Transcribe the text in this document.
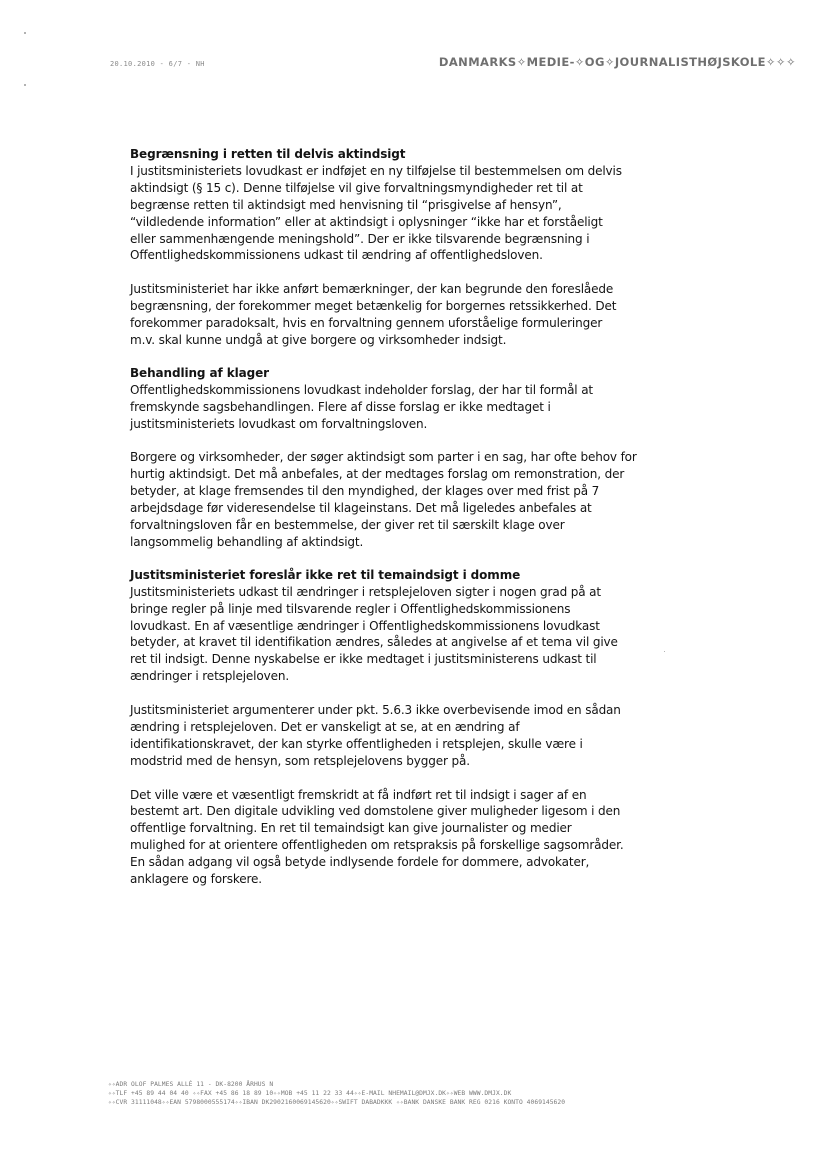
20.10.2010 - 6/7 - NH	DANMARKS✧MEDIE-✧OG✧JOURNALISTHØJSKOLE✧✧✧
Begrænsning i retten til delvis aktindsigt
I justitsministeriets lovudkast er indføjet en ny tilføjelse til bestemmelsen om delvis
aktindsigt (§ 15 c). Denne tilføjelse vil give forvaltningsmyndigheder ret til at
begrænse retten til aktindsigt med henvisning til “prisgivelse af hensyn”,
“vildledende information” eller at aktindsigt i oplysninger “ikke har et forståeligt
eller sammenhængende meningshold”. Der er ikke tilsvarende begrænsning i
Offentlighedskommissionens udkast til ændring af offentlighedsloven.
Justitsministeriet har ikke anført bemærkninger, der kan begrunde den foreslåede
begrænsning, der forekommer meget betænkelig for borgernes retssikkerhed. Det
forekommer paradoksalt, hvis en forvaltning gennem uforståelige formuleringer
m.v. skal kunne undgå at give borgere og virksomheder indsigt.
Behandling af klager
Offentlighedskommissionens lovudkast indeholder forslag, der har til formål at
fremskynde sagsbehandlingen. Flere af disse forslag er ikke medtaget i
justitsministeriets lovudkast om forvaltningsloven.
Borgere og virksomheder, der søger aktindsigt som parter i en sag, har ofte behov for
hurtig aktindsigt. Det må anbefales, at der medtages forslag om remonstration, der
betyder, at klage fremsendes til den myndighed, der klages over med frist på 7
arbejdsdage før videresendelse til klageinstans. Det må ligeledes anbefales at
forvaltningsloven får en bestemmelse, der giver ret til særskilt klage over
langsommelig behandling af aktindsigt.
Justitsministeriet foreslår ikke ret til temaindsigt i domme
Justitsministeriets udkast til ændringer i retsplejeloven sigter i nogen grad på at
bringe regler på linje med tilsvarende regler i Offentlighedskommissionens
lovudkast. En af væsentlige ændringer i Offentlighedskommissionens lovudkast
betyder, at kravet til identifikation ændres, således at angivelse af et tema vil give
ret til indsigt. Denne nyskabelse er ikke medtaget i justitsministerens udkast til
ændringer i retsplejeloven.
Justitsministeriet argumenterer under pkt. 5.6.3 ikke overbevisende imod en sådan
ændring i retsplejeloven. Det er vanskeligt at se, at en ændring af
identifikationskravet, der kan styrke offentligheden i retsplejen, skulle være i
modstrid med de hensyn, som retsplejelovens bygger på.
Det ville være et væsentligt fremskridt at få indført ret til indsigt i sager af en
bestemt art. Den digitale udvikling ved domstolene giver muligheder ligesom i den
offentlige forvaltning. En ret til temaindsigt kan give journalister og medier
mulighed for at orientere offentligheden om retspraksis på forskellige sagsområder.
En sådan adgang vil også betyde indlysende fordele for dommere, advokater,
anklagere og forskere.
✧✧ADR OLOF PALMES ALLÉ 11 - DK-8200 ÅRHUS N
✧✧TLF +45 89 44 04 40 ✧✧FAX +45 86 18 89 10✧✧MOB +45 11 22 33 44✧✧E-MAIL NHEMAIL@DMJX.DK✧✧WEB WWW.DMJX.DK
✧✧CVR 31111048✧✧EAN 5798000555174✧✧IBAN DK2902160069145620✧✧SWIFT DABADKKK ✧✧BANK DANSKE BANK REG 0216 KONTO 4069145620
